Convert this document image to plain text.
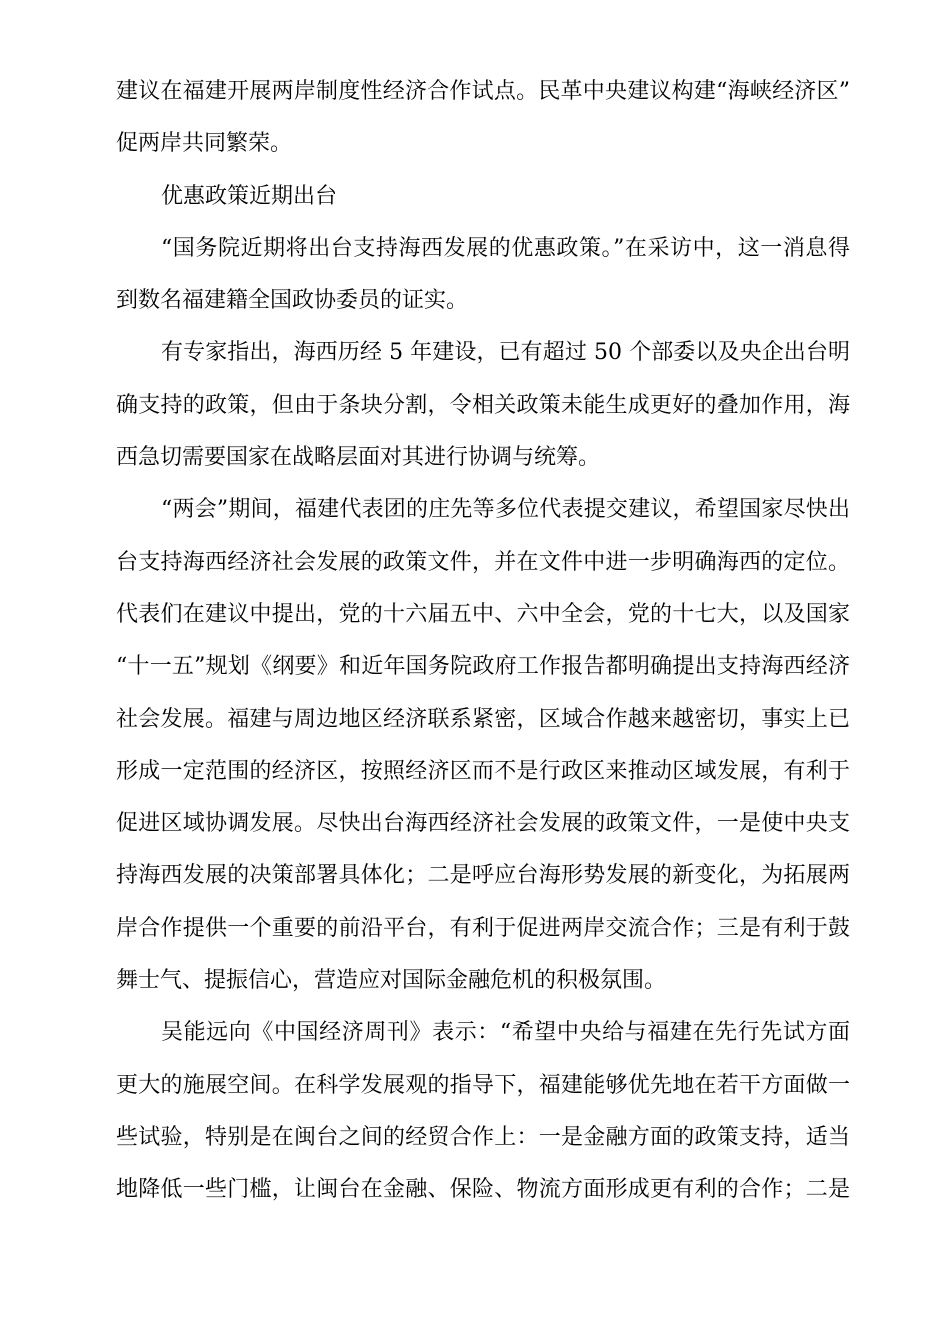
建议在福建开展两岸制度性经济合作试点。民革中央建议构建“海峡经济区”
促两岸共同繁荣。
优惠政策近期出台
“国务院近期将出台支持海西发展的优惠政策。”在采访中，这一消息得
到数名福建籍全国政协委员的证实。
有专家指出，海西历经 5 年建设，已有超过 50 个部委以及央企出台明
确支持的政策，但由于条块分割，令相关政策未能生成更好的叠加作用，海
西急切需要国家在战略层面对其进行协调与统筹。
“两会”期间，福建代表团的庄先等多位代表提交建议，希望国家尽快出
台支持海西经济社会发展的政策文件，并在文件中进一步明确海西的定位。
代表们在建议中提出，党的十六届五中、六中全会，党的十七大，以及国家
“十一五”规划《纲要》和近年国务院政府工作报告都明确提出支持海西经济
社会发展。福建与周边地区经济联系紧密，区域合作越来越密切，事实上已
形成一定范围的经济区，按照经济区而不是行政区来推动区域发展，有利于
促进区域协调发展。尽快出台海西经济社会发展的政策文件，一是使中央支
持海西发展的决策部署具体化；二是呼应台海形势发展的新变化，为拓展两
岸合作提供一个重要的前沿平台，有利于促进两岸交流合作；三是有利于鼓
舞士气、提振信心，营造应对国际金融危机的积极氛围。
吴能远向《中国经济周刊》表示：“希望中央给与福建在先行先试方面
更大的施展空间。在科学发展观的指导下，福建能够优先地在若干方面做一
些试验，特别是在闽台之间的经贸合作上：一是金融方面的政策支持，适当
地降低一些门槛，让闽台在金融、保险、物流方面形成更有利的合作；二是
